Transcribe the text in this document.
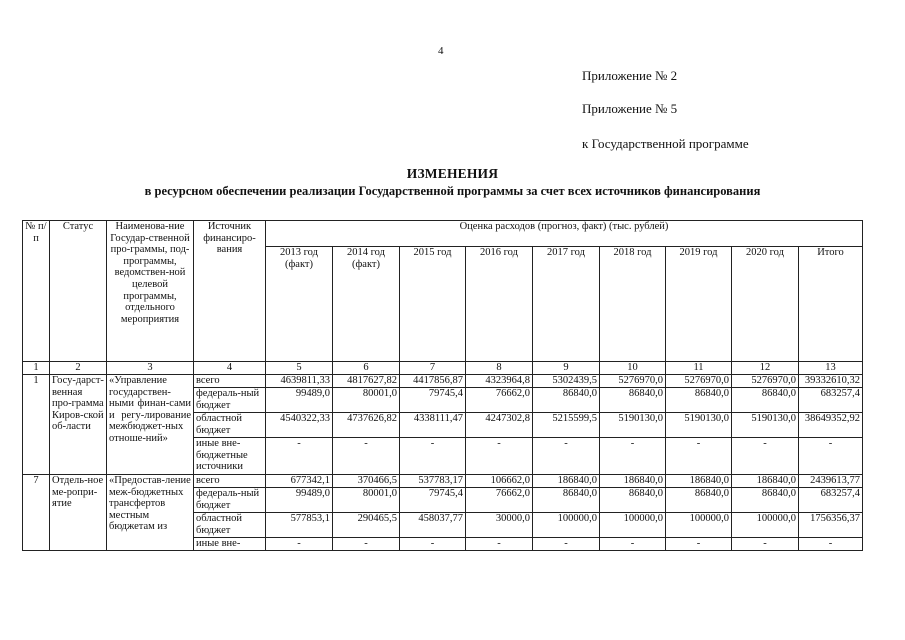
4
Приложение № 2
Приложение № 5
к Государственной программе
ИЗМЕНЕНИЯ
в ресурсном обеспечении реализации Государственной программы за счет всех источников финансирования
№ п/п	Статус	Наименова-ние Государ-ственной про-граммы, под-программы, ведомствен-ной целевой программы, отдельного мероприятия	Источник финансиро-вания	Оценка расходов (прогноз, факт) (тыс. рублей)								
				2013 год (факт)	2014 год (факт)	2015 год	2016 год	2017 год	2018 год	2019 год	2020 год	Итого
1	2	3	4	5	6	7	8	9	10	11	12	13
1	Госу-дарст-венная про-грамма Киров-ской об-ласти	«Управление государствен-ными финан-сами и регу-лирование межбюджет-ных отноше-ний»	всего	4639811,33	4817627,82	4417856,87	4323964,8	5302439,5	5276970,0	5276970,0	5276970,0	39332610,32
			федераль-ный бюджет	99489,0	80001,0	79745,4	76662,0	86840,0	86840,0	86840,0	86840,0	683257,4
			областной бюджет	4540322,33	4737626,82	4338111,47	4247302,8	5215599,5	5190130,0	5190130,0	5190130,0	38649352,92
			иные вне-бюджетные источники	-	-	-	-	-	-	-	-	-
7	Отдель-ное ме-ропри-ятие	«Предостав-ление меж-бюджетных трансфертов местным бюджетам из	всего	677342,1	370466,5	537783,17	106662,0	186840,0	186840,0	186840,0	186840,0	2439613,77
			федераль-ный бюджет	99489,0	80001,0	79745,4	76662,0	86840,0	86840,0	86840,0	86840,0	683257,4
			областной бюджет	577853,1	290465,5	458037,77	30000,0	100000,0	100000,0	100000,0	100000,0	1756356,37
			иные вне-	-	-	-	-	-	-	-	-	-
